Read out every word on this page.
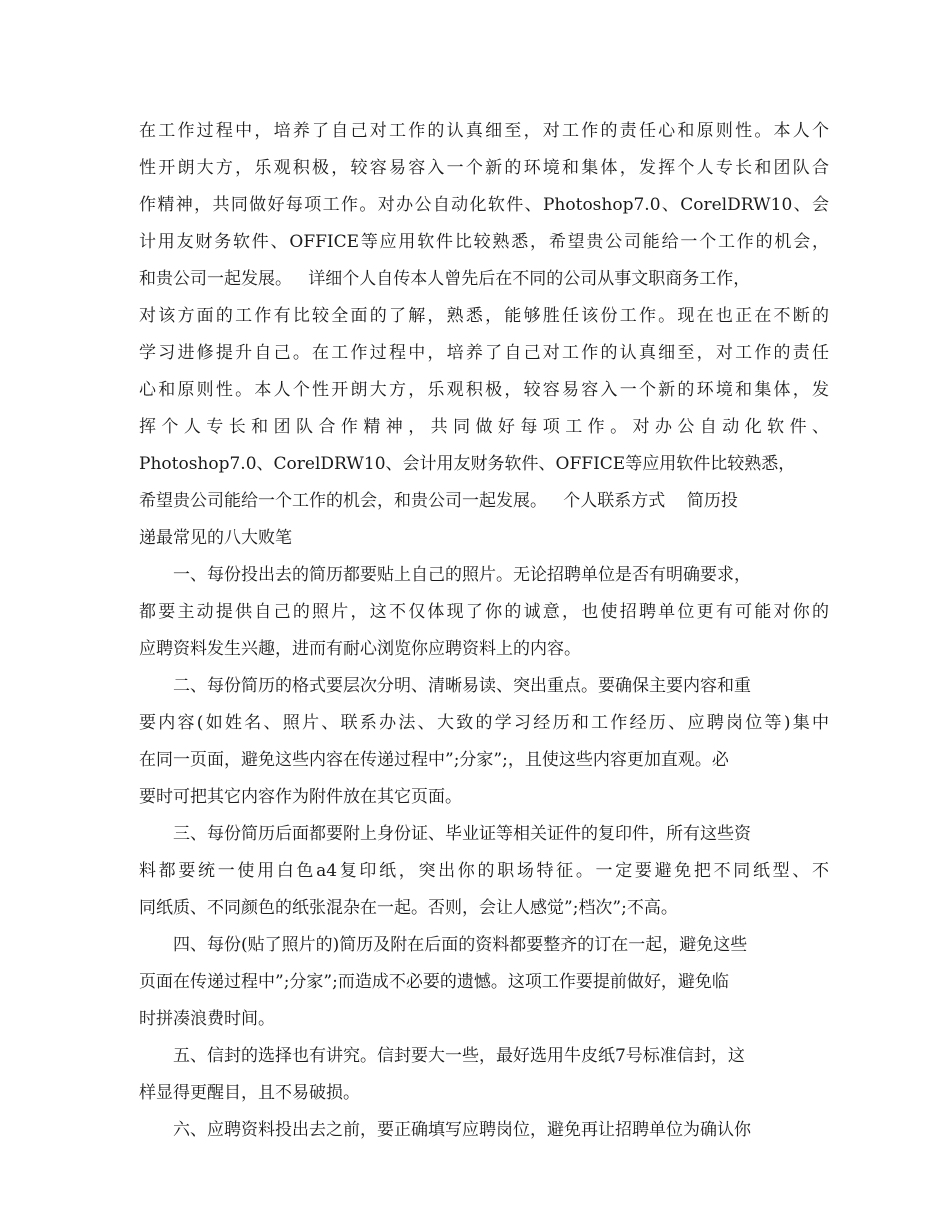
在工作过程中，培养了自己对工作的认真细至，对工作的责任心和原则性。本人个
性开朗大方，乐观积极，较容易容入一个新的环境和集体，发挥个人专长和团队合
作精神，共同做好每项工作。对办公自动化软件、Photoshop7.0、CorelDRW10、会
计用友财务软件、OFFICE等应用软件比较熟悉，希望贵公司能给一个工作的机会，
和贵公司一起发展。   详细个人自传本人曾先后在不同的公司从事文职商务工作，
对该方面的工作有比较全面的了解，熟悉，能够胜任该份工作。现在也正在不断的
学习进修提升自己。在工作过程中，培养了自己对工作的认真细至，对工作的责任
心和原则性。本人个性开朗大方，乐观积极，较容易容入一个新的环境和集体，发
挥个人专长和团队合作精神，共同做好每项工作。对办公自动化软件、
Photoshop7.0、CorelDRW10、会计用友财务软件、OFFICE等应用软件比较熟悉，
希望贵公司能给一个工作的机会，和贵公司一起发展。   个人联系方式    简历投
递最常见的八大败笔
一、每份投出去的简历都要贴上自己的照片。无论招聘单位是否有明确要求，
都要主动提供自己的照片，这不仅体现了你的诚意，也使招聘单位更有可能对你的
应聘资料发生兴趣，进而有耐心浏览你应聘资料上的内容。
二、每份简历的格式要层次分明、清晰易读、突出重点。要确保主要内容和重
要内容(如姓名、照片、联系办法、大致的学习经历和工作经历、应聘岗位等)集中
在同一页面，避免这些内容在传递过程中”;分家”;，且使这些内容更加直观。必
要时可把其它内容作为附件放在其它页面。
三、每份简历后面都要附上身份证、毕业证等相关证件的复印件，所有这些资
料都要统一使用白色a4复印纸，突出你的职场特征。一定要避免把不同纸型、不
同纸质、不同颜色的纸张混杂在一起。否则，会让人感觉”;档次”;不高。
四、每份(贴了照片的)简历及附在后面的资料都要整齐的订在一起，避免这些
页面在传递过程中”;分家”;而造成不必要的遗憾。这项工作要提前做好，避免临
时拼凑浪费时间。
五、信封的选择也有讲究。信封要大一些，最好选用牛皮纸7号标准信封，这
样显得更醒目，且不易破损。
六、应聘资料投出去之前，要正确填写应聘岗位，避免再让招聘单位为确认你
